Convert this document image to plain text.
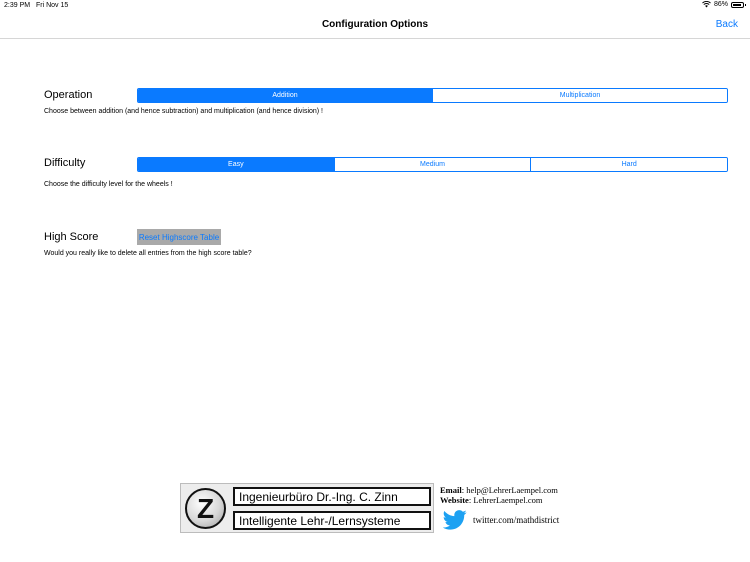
2:39 PM Fri Nov 15	86%
Configuration Options	Back
Operation	Addition	Multiplication
Choose between addition (and hence subtraction) and multiplication (and hence division) !
Difficulty	Easy	Medium	Hard
Choose the difficulty level for the wheels !
High Score	Reset Highscore Table
Would you really like to delete all entries from the high score table?
Z	Ingenieurbüro Dr.-Ing. C. Zinn
Intelligente Lehr-/Lernsysteme
Email: help@LehrerLaempel.com
Website: LehrerLaempel.com
twitter.com/mathdistrict
